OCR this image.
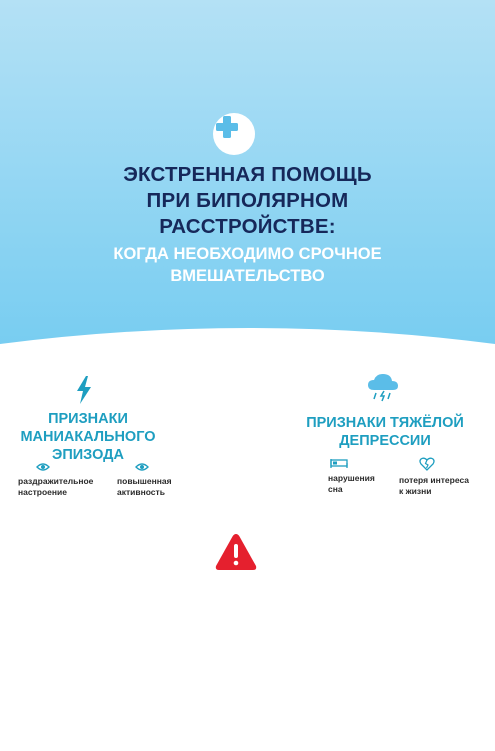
ЭКСТРЕННАЯ ПОМОЩЬ
ПРИ БИПОЛЯРНОМ
РАССТРОЙСТВЕ:
КОГДА НЕОБХОДИМО СРОЧНОЕ
ВМЕШАТЕЛЬСТВО
ПРИЗНАКИ
МАНИАКАЛЬНОГО
ЭПИЗОДА
раздражительное
настроение
повышенная
активность
ПРИЗНАКИ ТЯЖЁЛОЙ
ДЕПРЕССИИ
нарушения
сна
потеря интереса
к жизни
